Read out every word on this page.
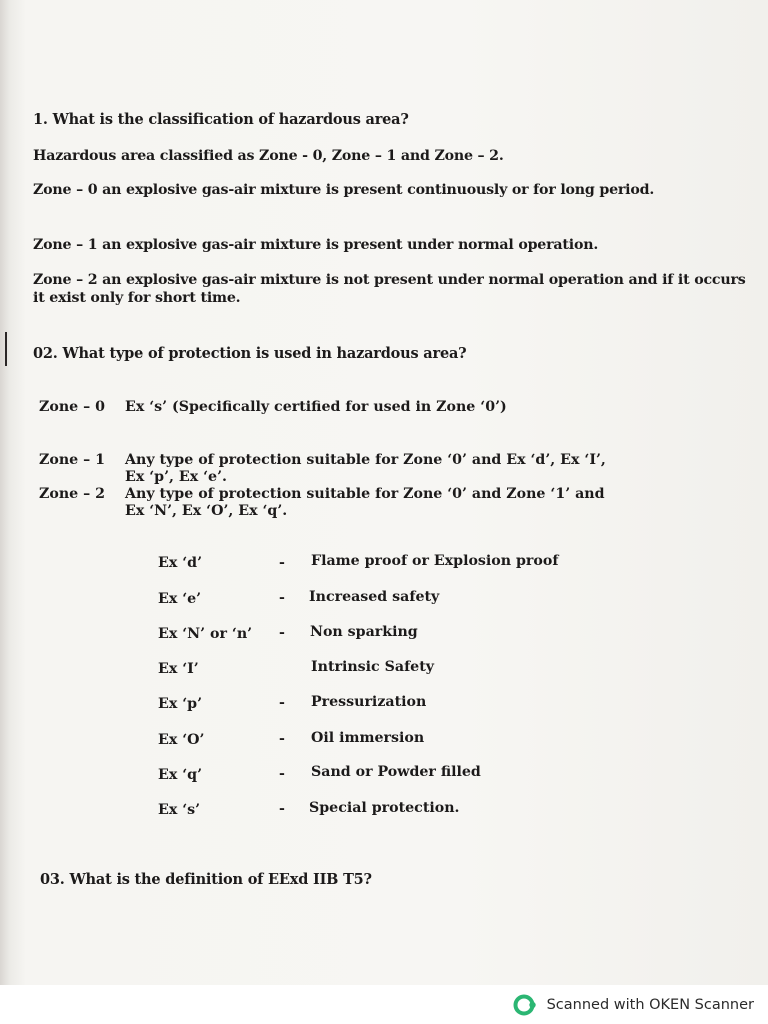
1. What is the classification of hazardous area?
Hazardous area classified as Zone - 0, Zone – 1 and Zone – 2.
Zone – 0 an explosive gas-air mixture is present continuously or for long period.
Zone – 1 an explosive gas-air mixture is present under normal operation.
Zone – 2 an explosive gas-air mixture is not present under normal operation and if it occurs
it exist only for short time.
02. What type of protection is used in hazardous area?
Zone – 0 Ex ‘s’ (Specifically certified for used in Zone ‘0’)
Zone – 1 Any type of protection suitable for Zone ‘0’ and Ex ‘d’, Ex ‘I’,
Ex ‘p’, Ex ‘e’.
Zone – 2 Any type of protection suitable for Zone ‘0’ and Zone ‘1’ and
Ex ‘N’, Ex ‘O’, Ex ‘q’.
Ex ‘d’	- Flame proof or Explosion proof
Ex ‘e’	- Increased safety
Ex ‘N’ or ‘n’ - Non sparking
Ex ‘I’	Intrinsic Safety
Ex ‘p’	- Pressurization
Ex ‘O’	- Oil immersion
Ex ‘q’	- Sand or Powder filled
Ex ‘s’	- Special protection.
03. What is the definition of EExd IIB T5?
Scanned with OKEN Scanner
